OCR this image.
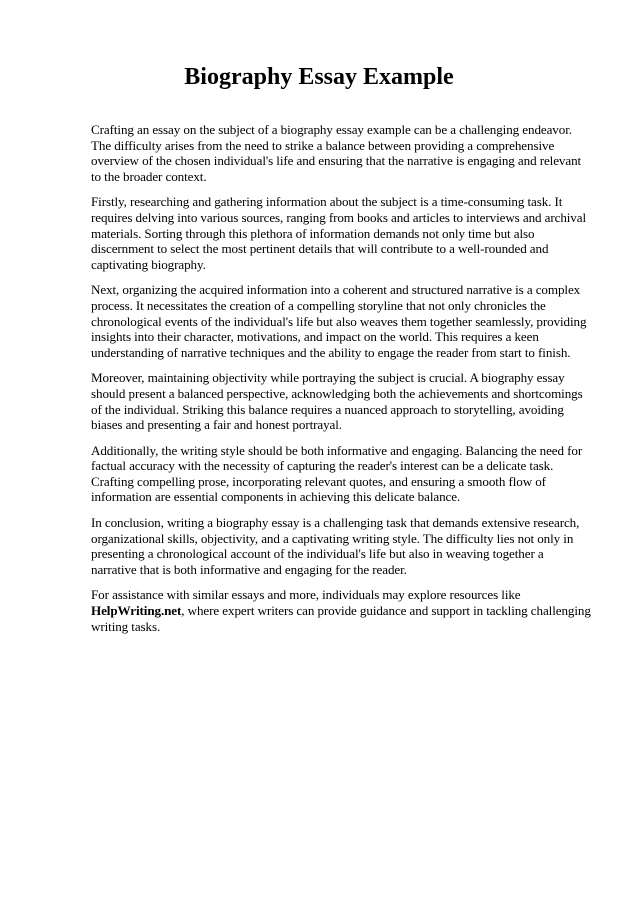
Biography Essay Example

Crafting an essay on the subject of a biography essay example can be a challenging endeavor. The difficulty arises from the need to strike a balance between providing a comprehensive overview of the chosen individual's life and ensuring that the narrative is engaging and relevant to the broader context.

Firstly, researching and gathering information about the subject is a time-consuming task. It requires delving into various sources, ranging from books and articles to interviews and archival materials. Sorting through this plethora of information demands not only time but also discernment to select the most pertinent details that will contribute to a well-rounded and captivating biography.

Next, organizing the acquired information into a coherent and structured narrative is a complex process. It necessitates the creation of a compelling storyline that not only chronicles the chronological events of the individual's life but also weaves them together seamlessly, providing insights into their character, motivations, and impact on the world. This requires a keen understanding of narrative techniques and the ability to engage the reader from start to finish.

Moreover, maintaining objectivity while portraying the subject is crucial. A biography essay should present a balanced perspective, acknowledging both the achievements and shortcomings of the individual. Striking this balance requires a nuanced approach to storytelling, avoiding biases and presenting a fair and honest portrayal.

Additionally, the writing style should be both informative and engaging. Balancing the need for factual accuracy with the necessity of capturing the reader's interest can be a delicate task. Crafting compelling prose, incorporating relevant quotes, and ensuring a smooth flow of information are essential components in achieving this delicate balance.

In conclusion, writing a biography essay is a challenging task that demands extensive research, organizational skills, objectivity, and a captivating writing style. The difficulty lies not only in presenting a chronological account of the individual's life but also in weaving together a narrative that is both informative and engaging for the reader.

For assistance with similar essays and more, individuals may explore resources like HelpWriting.net, where expert writers can provide guidance and support in tackling challenging writing tasks.
